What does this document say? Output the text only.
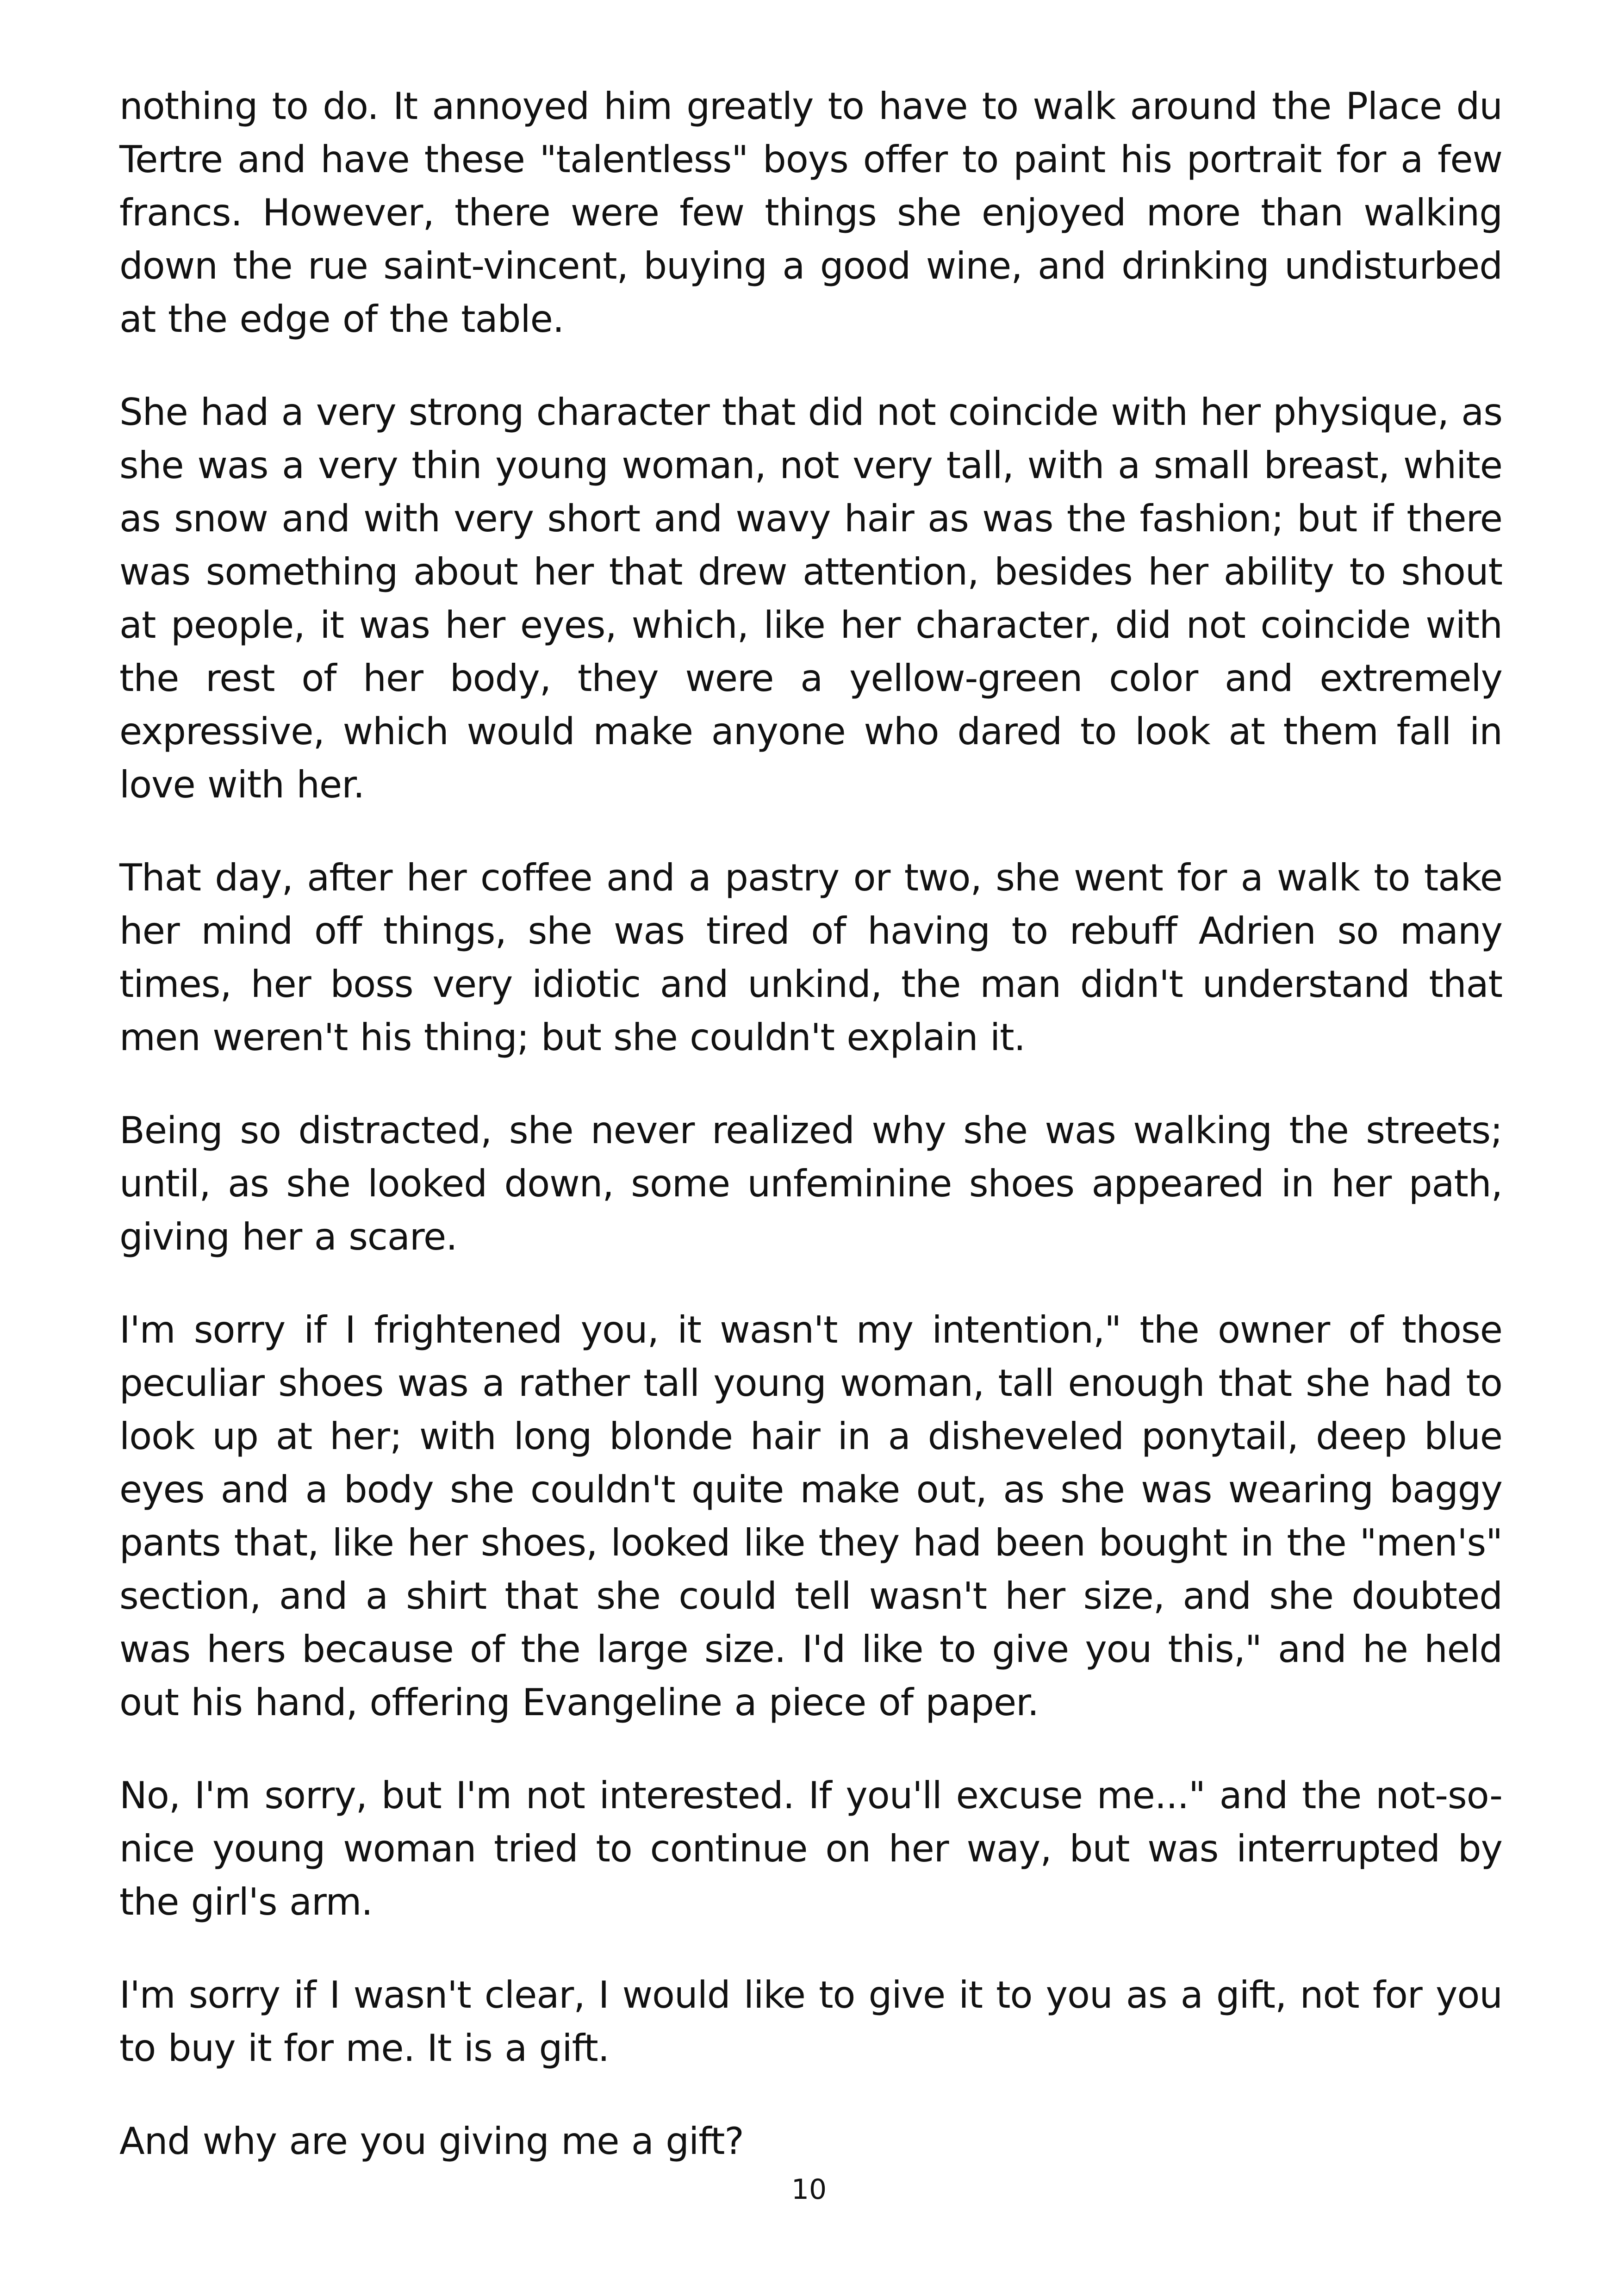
nothing to do. It annoyed him greatly to have to walk around the Place du Tertre and have these "talentless" boys offer to paint his portrait for a few francs. However, there were few things she enjoyed more than walking down the rue saint-vincent, buying a good wine, and drinking undisturbed at the edge of the table.

She had a very strong character that did not coincide with her physique, as she was a very thin young woman, not very tall, with a small breast, white as snow and with very short and wavy hair as was the fashion; but if there was something about her that drew attention, besides her ability to shout at people, it was her eyes, which, like her character, did not coincide with the rest of her body, they were a yellow-green color and extremely expressive, which would make anyone who dared to look at them fall in love with her.

That day, after her coffee and a pastry or two, she went for a walk to take her mind off things, she was tired of having to rebuff Adrien so many times, her boss very idiotic and unkind, the man didn't understand that men weren't his thing; but she couldn't explain it.

Being so distracted, she never realized why she was walking the streets; until, as she looked down, some unfeminine shoes appeared in her path, giving her a scare.

I'm sorry if I frightened you, it wasn't my intention," the owner of those peculiar shoes was a rather tall young woman, tall enough that she had to look up at her; with long blonde hair in a disheveled ponytail, deep blue eyes and a body she couldn't quite make out, as she was wearing baggy pants that, like her shoes, looked like they had been bought in the "men's" section, and a shirt that she could tell wasn't her size, and she doubted was hers because of the large size. I'd like to give you this," and he held out his hand, offering Evangeline a piece of paper.

No, I'm sorry, but I'm not interested. If you'll excuse me..." and the not-so-nice young woman tried to continue on her way, but was interrupted by the girl's arm.

I'm sorry if I wasn't clear, I would like to give it to you as a gift, not for you to buy it for me. It is a gift.

And why are you giving me a gift?

10
